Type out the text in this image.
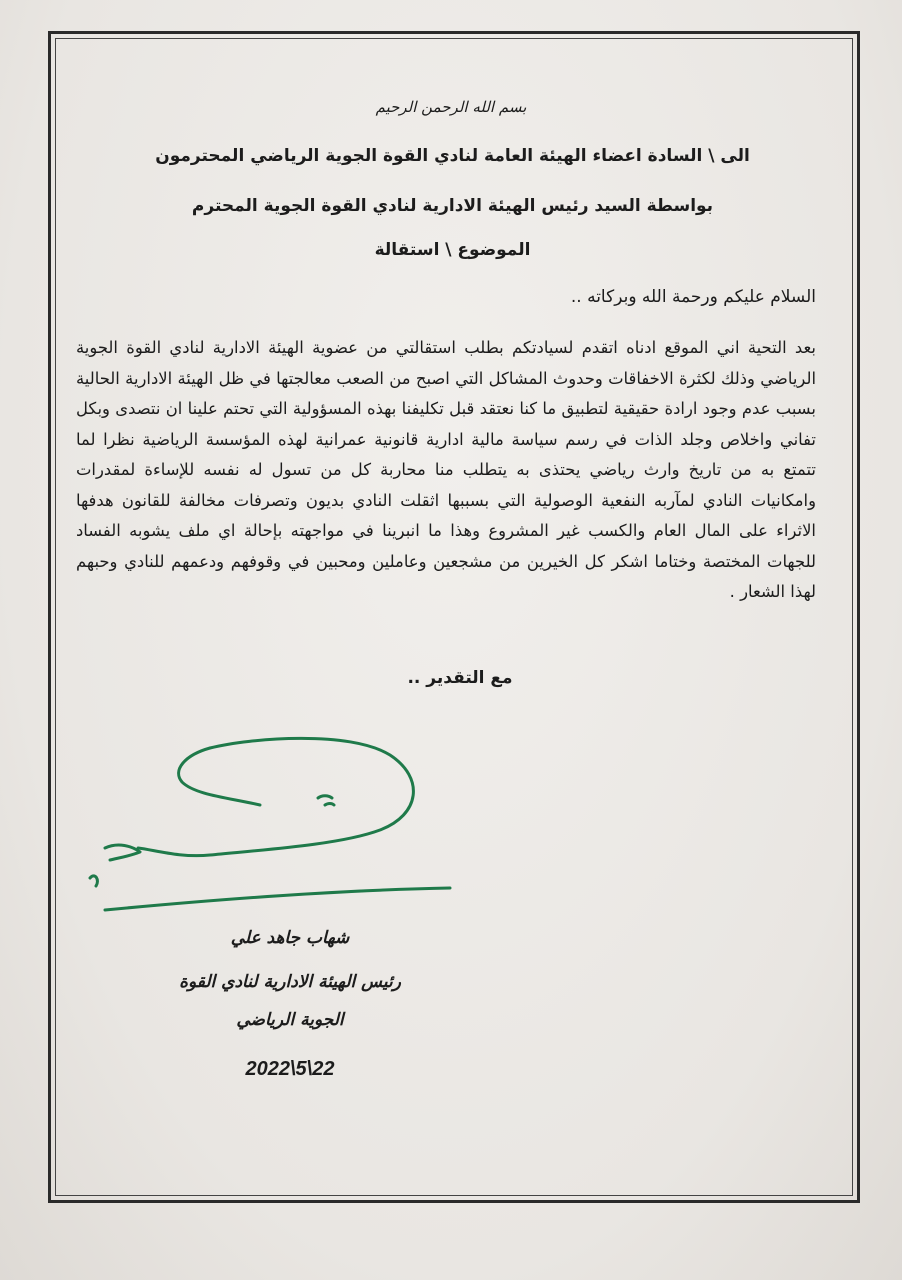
بسم الله الرحمن الرحيم
الى \ السادة اعضاء الهيئة العامة لنادي القوة الجوية الرياضي المحترمون
بواسطة السيد رئيس الهيئة الادارية لنادي القوة الجوية المحترم
الموضوع \ استقالة
السلام عليكم ورحمة الله وبركاته ..
بعد التحية اني الموقع ادناه اتقدم لسيادتكم بطلب استقالتي من عضوية الهيئة الادارية لنادي القوة الجوية الرياضي وذلك لكثرة الاخفاقات وحدوث المشاكل التي اصبح من الصعب معالجتها في ظل الهيئة الادارية الحالية بسبب عدم وجود ارادة حقيقية لتطبيق ما كنا نعتقد قبل تكليفنا بهذه المسؤولية التي تحتم علينا ان نتصدى وبكل تفاني واخلاص وجلد الذات في رسم سياسة مالية ادارية قانونية عمرانية لهذه المؤسسة الرياضية نظرا لما تتمتع به من تاريخ وارث رياضي يحتذى به يتطلب منا محاربة كل من تسول له نفسه للإساءة لمقدرات وامكانيات النادي لمآربه النفعية الوصولية التي بسببها اثقلت النادي بديون وتصرفات مخالفة للقانون هدفها الاثراء على المال العام والكسب غير المشروع وهذا ما انبرينا في مواجهته بإحالة اي ملف يشوبه الفساد للجهات المختصة وختاما اشكر كل الخيرين من مشجعين وعاملين ومحبين في وقوفهم ودعمهم للنادي وحبهم لهذا الشعار .
مع التقدير ..
شهاب جاهد علي
رئيس الهيئة الادارية لنادي القوة
الجوية الرياضي
2022\5\22
